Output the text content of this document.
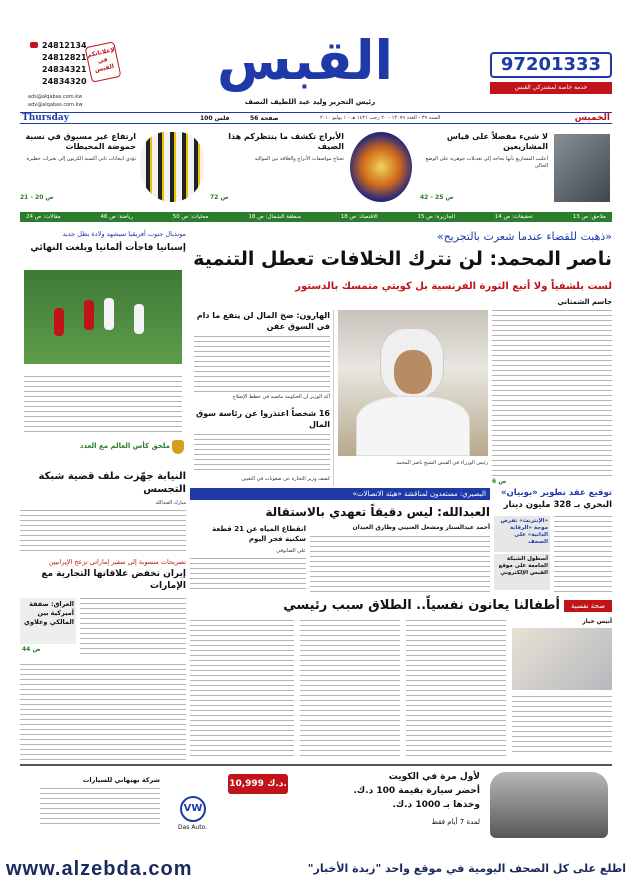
24812134
24812821
24834321
24834320
لإعلاناتكم في القبس
ads@alqabas.com.kw
adv@alqabas.com.kw
القبس
رئيس التحرير وليد عبد اللطيف النصف
97201333
خدمة خاصة لمشتركي القبس
Thursday	السنة ٣٩ - العدد ١٣٠٧٩ - ٢٠ رجب ١٤٣١ هـ - ١ يوليو ٢٠١٠
56 صفحة
100 فلس	الخميس
لا شيء مفصلاً على قياس المشاريعين
أعلنت المشاريع بأنها بحاجة إلى تعديلات جوهرية على الوضع الحالي
ص 25 - 42
الأبراج تكشف ما ينتظركم هذا الصيف
تحتاج مواصفات الأبراج والعلاقة بين المواليد
ص 72
ارتفاع غير مسبوق في نسبة حموضة المحيطات
تؤدي انبعاثات ثاني أكسيد الكربون إلى تغيرات خطيرة
ص 20 - 21
ملاحق: ص 13
تحقيقات: ص 14
الجازيرة: ص 15
الاقتصاد: ص 18
منطقة الشمال: ص 18
محليات: ص 50
رياضة: ص 46
مقالات: ص 24
«ذهبت للقضاء عندما شعرت بالتجريح»
ناصر المحمد: لن نترك الخلافات تعطل التنمية
لست بلشفياً ولا أتبع الثورة الفرنسية بل كويتي متمسك بالدستور
جاسم الشمتاني
ص 6
رئيس الوزراء في القبس الشيخ ناصر المحمد
الهارون: ضخ المال لن ينفع ما دام في السوق عفن
أكد الوزير أن الحكومة ماضية في خطط الإصلاح
16 شخصاً اعتذروا عن رئاسة سوق المال
كشف وزير التجارة عن صعوبات في التعيين
مونديال جنوب أفريقيا سيشهد ولادة بطل جديد
إسبانيا فاجأت ألمانيا وبلغت النهائي
ملحق كأس العالم مع العدد
البصيري: مستعدون لمناقشة «هيئة الاتصالات»
العبدالله: ليس دقيقاً تعهدي بالاستقالة
أحمد عبدالستار ومشعل العنيبي وطارق العيدان
انقطاع المياه عن 21 قطعة سكنية فجر اليوم
علي الصانوقي
توقيع عقد تطوير «بوبيان»
البحري بـ 328 مليون دينار
«الإنترنت» تفرض موجة «الرقابة الذاتية» على الصحف
أسطول الشبكة الجامعة على موقع القبس الإلكتروني
النيابة جهّزت ملف قضية شبكة التجسس
مبارك العبدالله
تصريحات منسوبة إلى سفير إماراتي تزعج الإيرانيين
إيران تخفض علاقاتها التجارية مع الإمارات
العراق: صفقة أميركية بين المالكي وعلاوي
ص 44
صحة نفسية
أطفالنا يعانون نفسياً.. الطلاق سبب رئيسي
أنيس خباز
لأول مرة في الكويت
أحضر سيارة بقيمة 100 د.ك.
وخذها بـ 1000 د.ك.
لمدة 7 أيام فقط
10,999 د.ك.
VW
Das Auto.
شركة بهبهاني للسيارات
www.alzebda.com	اطلع على كل الصحف اليومية في موقع واحد "زبدة الأخبار"
